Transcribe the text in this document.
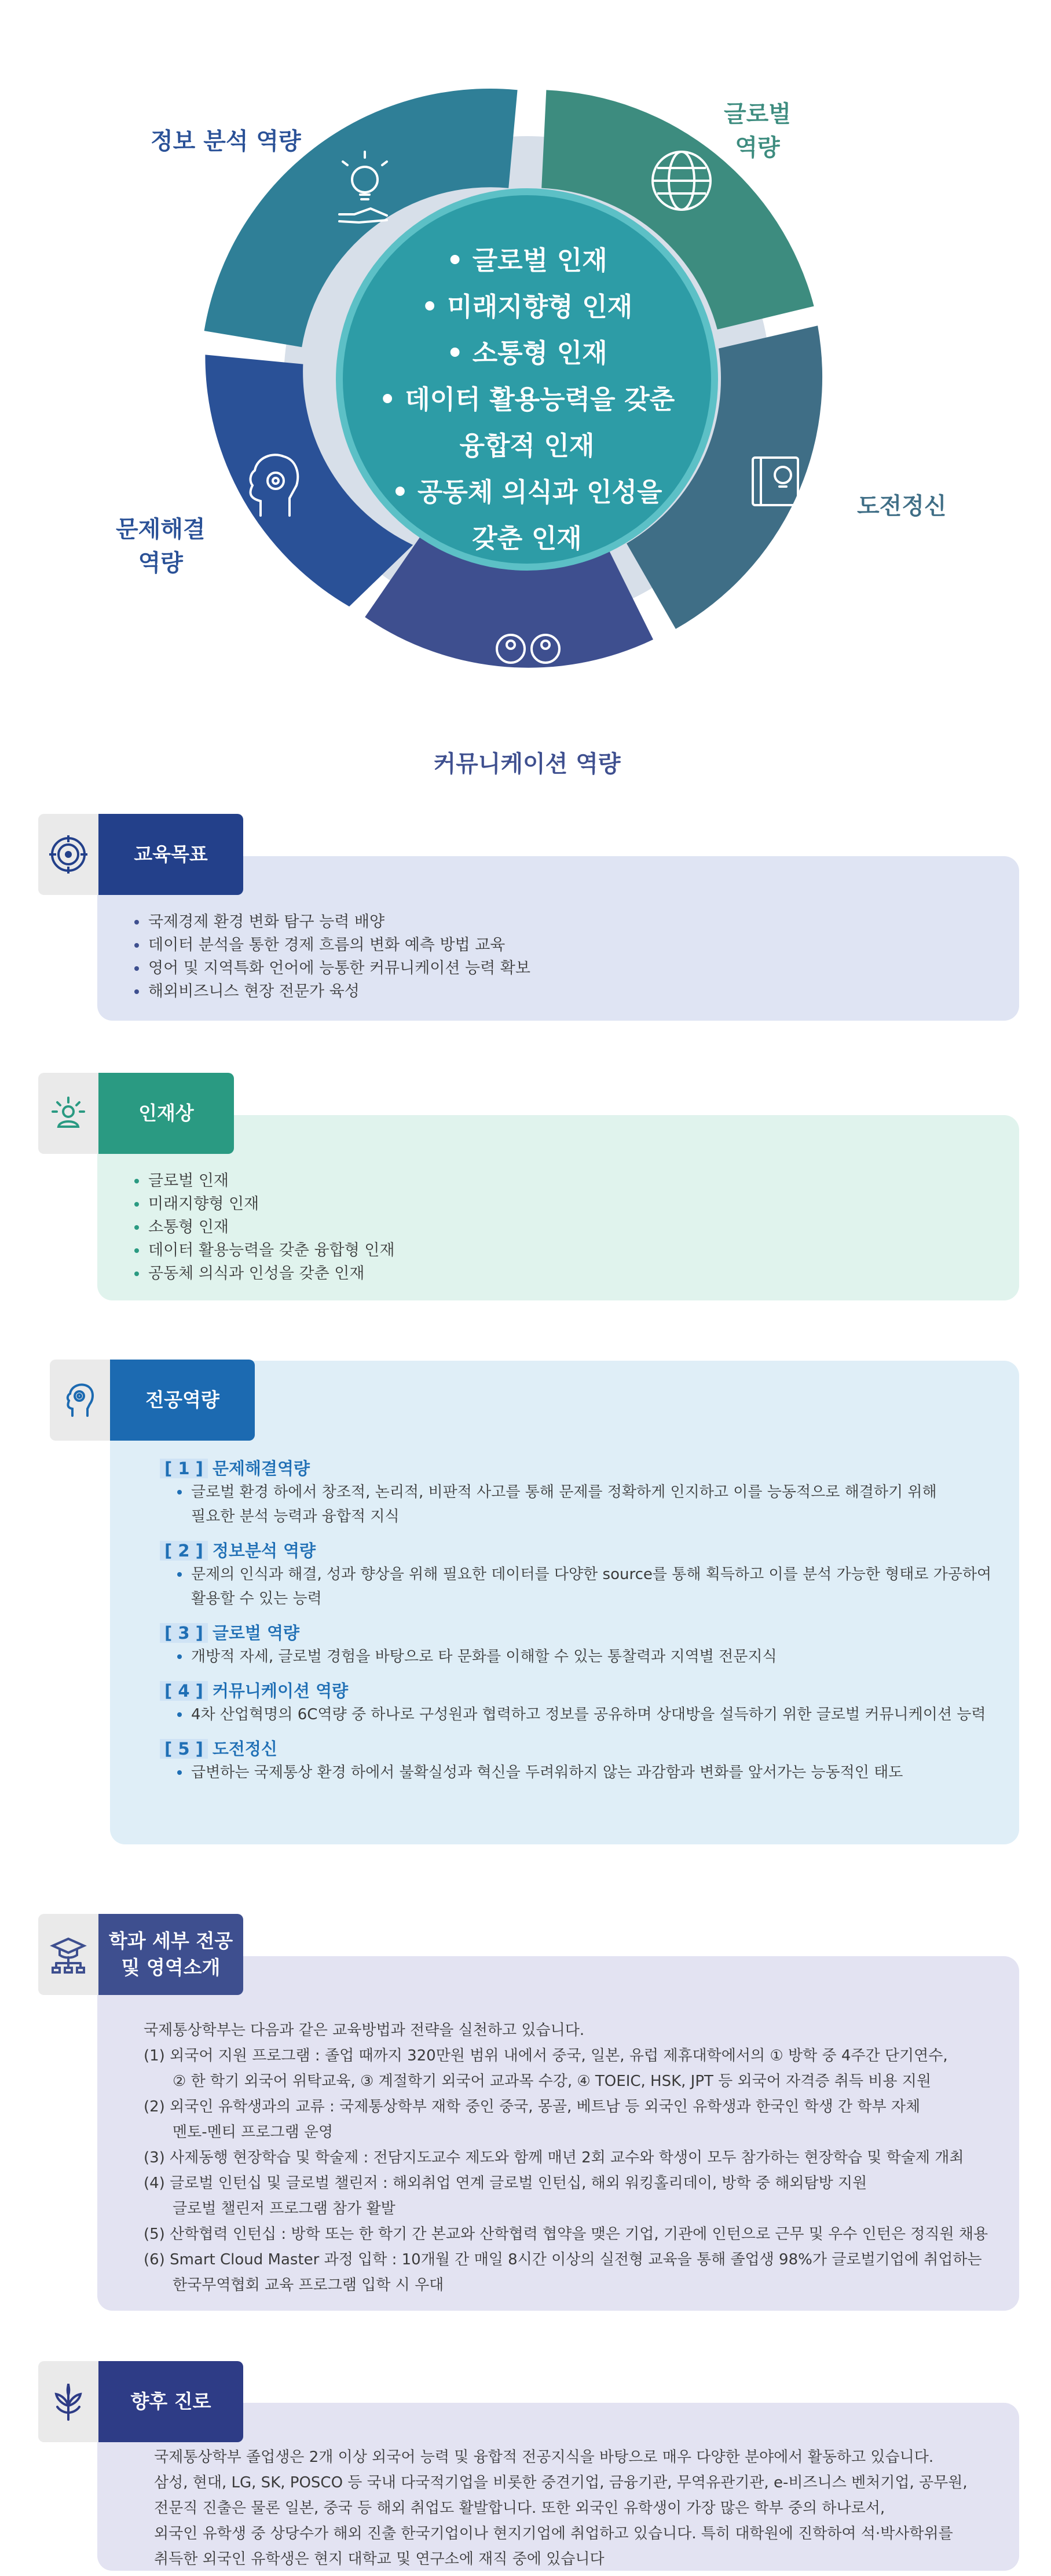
• 글로벌 인재
• 미래지향형 인재
• 소통형 인재
• 데이터 활용능력을 갖춘
융합적 인재
• 공동체 의식과 인성을
갖춘 인재
정보 분석 역량
글로벌
역량
도전정신
커뮤니케이션 역량
문제해결
역량
국제경제 환경 변화 탐구 능력 배양
데이터 분석을 통한 경제 흐름의 변화 예측 방법 교육
영어 및 지역특화 언어에 능통한 커뮤니케이션 능력 확보
해외비즈니스 현장 전문가 육성
교육목표
글로벌 인재
미래지향형 인재
소통형 인재
데이터 활용능력을 갖춘 융합형 인재
공동체 의식과 인성을 갖춘 인재
인재상
[ 1 ] 문제해결역량
글로벌 환경 하에서 창조적, 논리적, 비판적 사고를 통해 문제를 정확하게 인지하고 이를 능동적으로 해결하기 위해
필요한 분석 능력과 융합적 지식
[ 2 ] 정보분석 역량
문제의 인식과 해결, 성과 향상을 위해 필요한 데이터를 다양한 source를 통해 획득하고 이를 분석 가능한 형태로 가공하여
활용할 수 있는 능력
[ 3 ] 글로벌 역량
개방적 자세, 글로벌 경험을 바탕으로 타 문화를 이해할 수 있는 통찰력과 지역별 전문지식
[ 4 ] 커뮤니케이션 역량
4차 산업혁명의 6C역량 중 하나로 구성원과 협력하고 정보를 공유하며 상대방을 설득하기 위한 글로벌 커뮤니케이션 능력
[ 5 ] 도전정신
급변하는 국제통상 환경 하에서 불확실성과 혁신을 두려워하지 않는 과감함과 변화를 앞서가는 능동적인 태도
전공역량

국제통상학부는 다음과 같은 교육방법과 전략을 실천하고 있습니다.

(1) 외국어 지원 프로그램 : 졸업 때까지 320만원 범위 내에서 중국, 일본, 유럽 제휴대학에서의 ① 방학 중 4주간 단기연수,

② 한 학기 외국어 위탁교육, ③ 계절학기 외국어 교과목 수강, ④ TOEIC, HSK, JPT 등 외국어 자격증 취득 비용 지원

(2) 외국인 유학생과의 교류 : 국제통상학부 재학 중인 중국, 몽골, 베트남 등 외국인 유학생과 한국인 학생 간 학부 자체

멘토-멘티 프로그램 운영

(3) 사제동행 현장학습 및 학술제 : 전담지도교수 제도와 함께 매년 2회 교수와 학생이 모두 참가하는 현장학습 및 학술제 개최

(4) 글로벌 인턴십 및 글로벌 챌린저 : 해외취업 연계 글로벌 인턴십, 해외 워킹홀리데이, 방학 중 해외탐방 지원

글로벌 챌린저 프로그램 참가 활발

(5) 산학협력 인턴십 : 방학 또는 한 학기 간 본교와 산학협력 협약을 맺은 기업, 기관에 인턴으로 근무 및 우수 인턴은 정직원 채용

(6) Smart Cloud Master 과정 입학 : 10개월 간 매일 8시간 이상의 실전형 교육을 통해 졸업생 98%가 글로벌기업에 취업하는

한국무역협회 교육 프로그램 입학 시 우대

학과 세부 전공
및 영역소개

국제통상학부 졸업생은 2개 이상 외국어 능력 및 융합적 전공지식을 바탕으로 매우 다양한 분야에서 활동하고 있습니다.

삼성, 현대, LG, SK, POSCO 등 국내 다국적기업을 비롯한 중견기업, 금융기관, 무역유관기관, e-비즈니스 벤처기업, 공무원,

전문직 진출은 물론 일본, 중국 등 해외 취업도 활발합니다. 또한 외국인 유학생이 가장 많은 학부 중의 하나로서,

외국인 유학생 중 상당수가 해외 진출 한국기업이나 현지기업에 취업하고 있습니다. 특히 대학원에 진학하여 석·박사학위를

취득한 외국인 유학생은 현지 대학교 및 연구소에 재직 중에 있습니다

향후 진로
